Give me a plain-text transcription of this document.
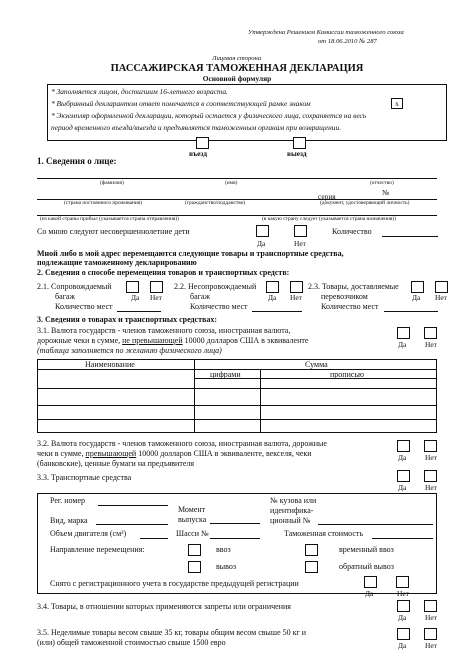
Утверждена Решением Комиссии таможенного союза
от 18.06.2010 № 287
Лицевая сторона
ПАССАЖИРСКАЯ ТАМОЖЕННАЯ ДЕКЛАРАЦИЯ
Основной формуляр
* Заполняется лицом, достигшим 16-летнего возраста.
* Выбранный декларантом ответ помечается в соответствующей рамке знаком	х
* Экземпляр оформленной декларации, который остается у физического лица, сохраняется на весь
период временного въезда/выезда и предъявляется таможенным органам при возвращении.
въезд	выезд
1. Сведения о лице:
(фамилия)	(имя)	(отчество)
№
серия
(страна постоянного проживания)	(гражданство/подданство)	(документ, удостоверяющий личность)
(из какой страны прибыл (указывается страна отправления))	(в какую страну следует (указывается страна назначения))
Со мною следуют несовершеннолетние дети
Да	Нет
Количество
Мной либо в мой адрес перемещаются следующие товары и транспортные средства,
подлежащие таможенному декларированию
2. Сведения о способе перемещения товаров и транспортных средств:
2.1. Сопровождаемый
багаж	Да Нет
2.2. Несопровождаемый
багаж	Да Нет
2.3. Товары, доставляемые
перевозчиком	Да Нет
Количество мест	Количество мест	Количество мест
3. Сведения о товарах и транспортных средствах:
3.1. Валюта государств - членов таможенного союза, иностранная валюта,
дорожные чеки в сумме, не превышающей 10000 долларов США в эквиваленте
(таблица заполняется по желанию физического лица)
Да	Нет
Наименование	Сумма
цифрами	прописью
3.2. Валюта государств - членов таможенного союза, иностранная валюта, дорожные
чеки в сумме, превышающей 10000 долларов США в эквиваленте, векселя, чеки
(банковские), ценные бумаги на предъявителя
Да	Нет
3.3. Транспортные средства
Да	Нет
Рег. номер
Момент
выпуска
№ кузова или
идентифика-
ционный №
Вид, марка
Объем двигателя (см³)	Шасси №	Таможенная стоимость
Направление перемещения:	ввоз	временный ввоз
вывоз	обратный вывоз
Снято с регистрационного учета в государстве предыдущей регистрации
Да	Нет
3.4. Товары, в отношении которых применяются запреты или ограничения
Да	Нет
3.5. Неделимые товары весом свыше 35 кг, товары общим весом свыше 50 кг и
(или) общей таможенной стоимостью свыше 1500 евро	Да	Нет
